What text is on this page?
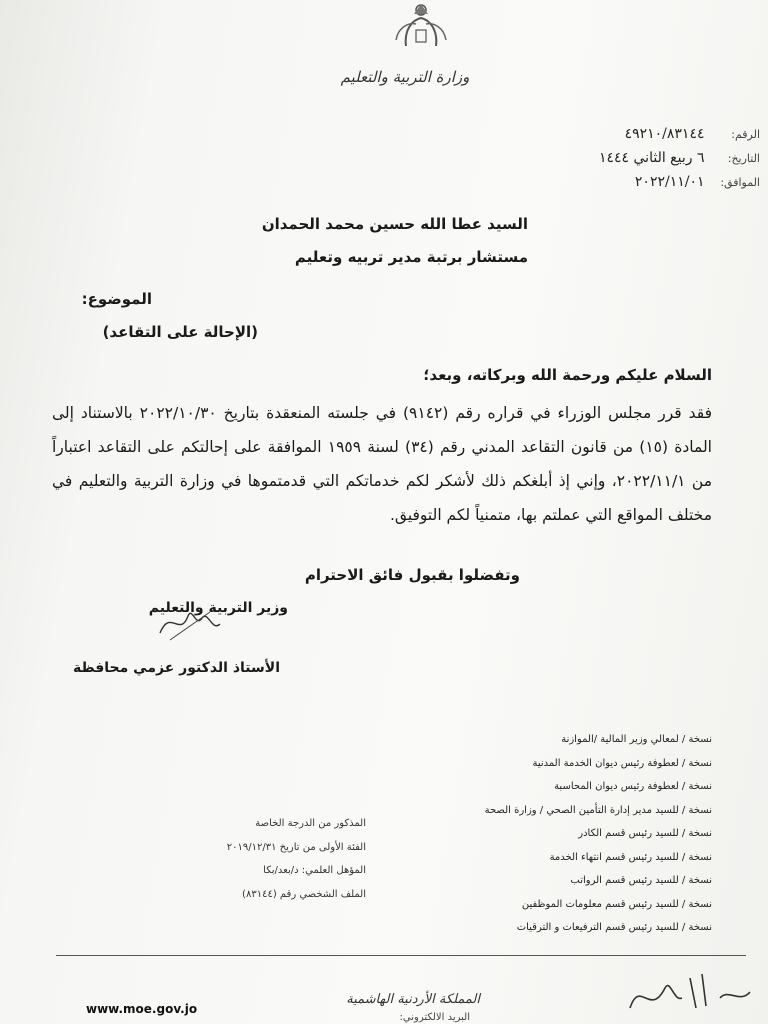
وزارة التربية والتعليم
الرقم: ٤٩٢١٠/٨٣١٤٤
التاريخ: ٦ ربيع الثاني ١٤٤٤
الموافق: ٢٠٢٢/١١/٠١
السيد عطا الله حسين محمد الحمدان
مستشار برتبة مدير تربيه وتعليم
الموضوع:
(الإحالة على التقاعد)
السلام عليكم ورحمة الله وبركاته، وبعد؛
فقد قرر مجلس الوزراء في قراره رقم (٩١٤٢) في جلسته المنعقدة بتاريخ ٢٠٢٢/١٠/٣٠ بالاستناد إلى المادة (١٥) من قانون التقاعد المدني رقم (٣٤) لسنة ١٩٥٩ الموافقة على إحالتكم على التقاعد اعتباراً من ٢٠٢٢/١١/١، وإني إذ أبلغكم ذلك لأشكر لكم خدماتكم التي قدمتموها في وزارة التربية والتعليم في مختلف المواقع التي عملتم بها، متمنياً لكم التوفيق.
وتفضلوا بقبول فائق الاحترام
وزير التربية والتعليم
الأستاذ الدكتور عزمي محافظة
نسخة / لمعالي وزير المالية /الموازنة
نسخة / لعطوفة رئيس ديوان الخدمة المدنية
نسخة / لعطوفة رئيس ديوان المحاسبة
نسخة / للسيد مدير إدارة التأمين الصحي / وزارة الصحة
نسخة / للسيد رئيس قسم الكادر
نسخة / للسيد رئيس قسم انتهاء الخدمة
نسخة / للسيد رئيس قسم الرواتب
نسخة / للسيد رئيس قسم معلومات الموظفين
نسخة / للسيد رئيس قسم الترفيعات و الترقيات
المذكور من الدرجة الخاصة
الفئة الأولى من تاريخ ٢٠١٩/١٢/٣١
المؤهل العلمي: د/بعد/بكا
الملف الشخصي رقم (٨٣١٤٤)
المملكة الأردنية الهاشمية
البريد الالكتروني:
www.moe.gov.jo
